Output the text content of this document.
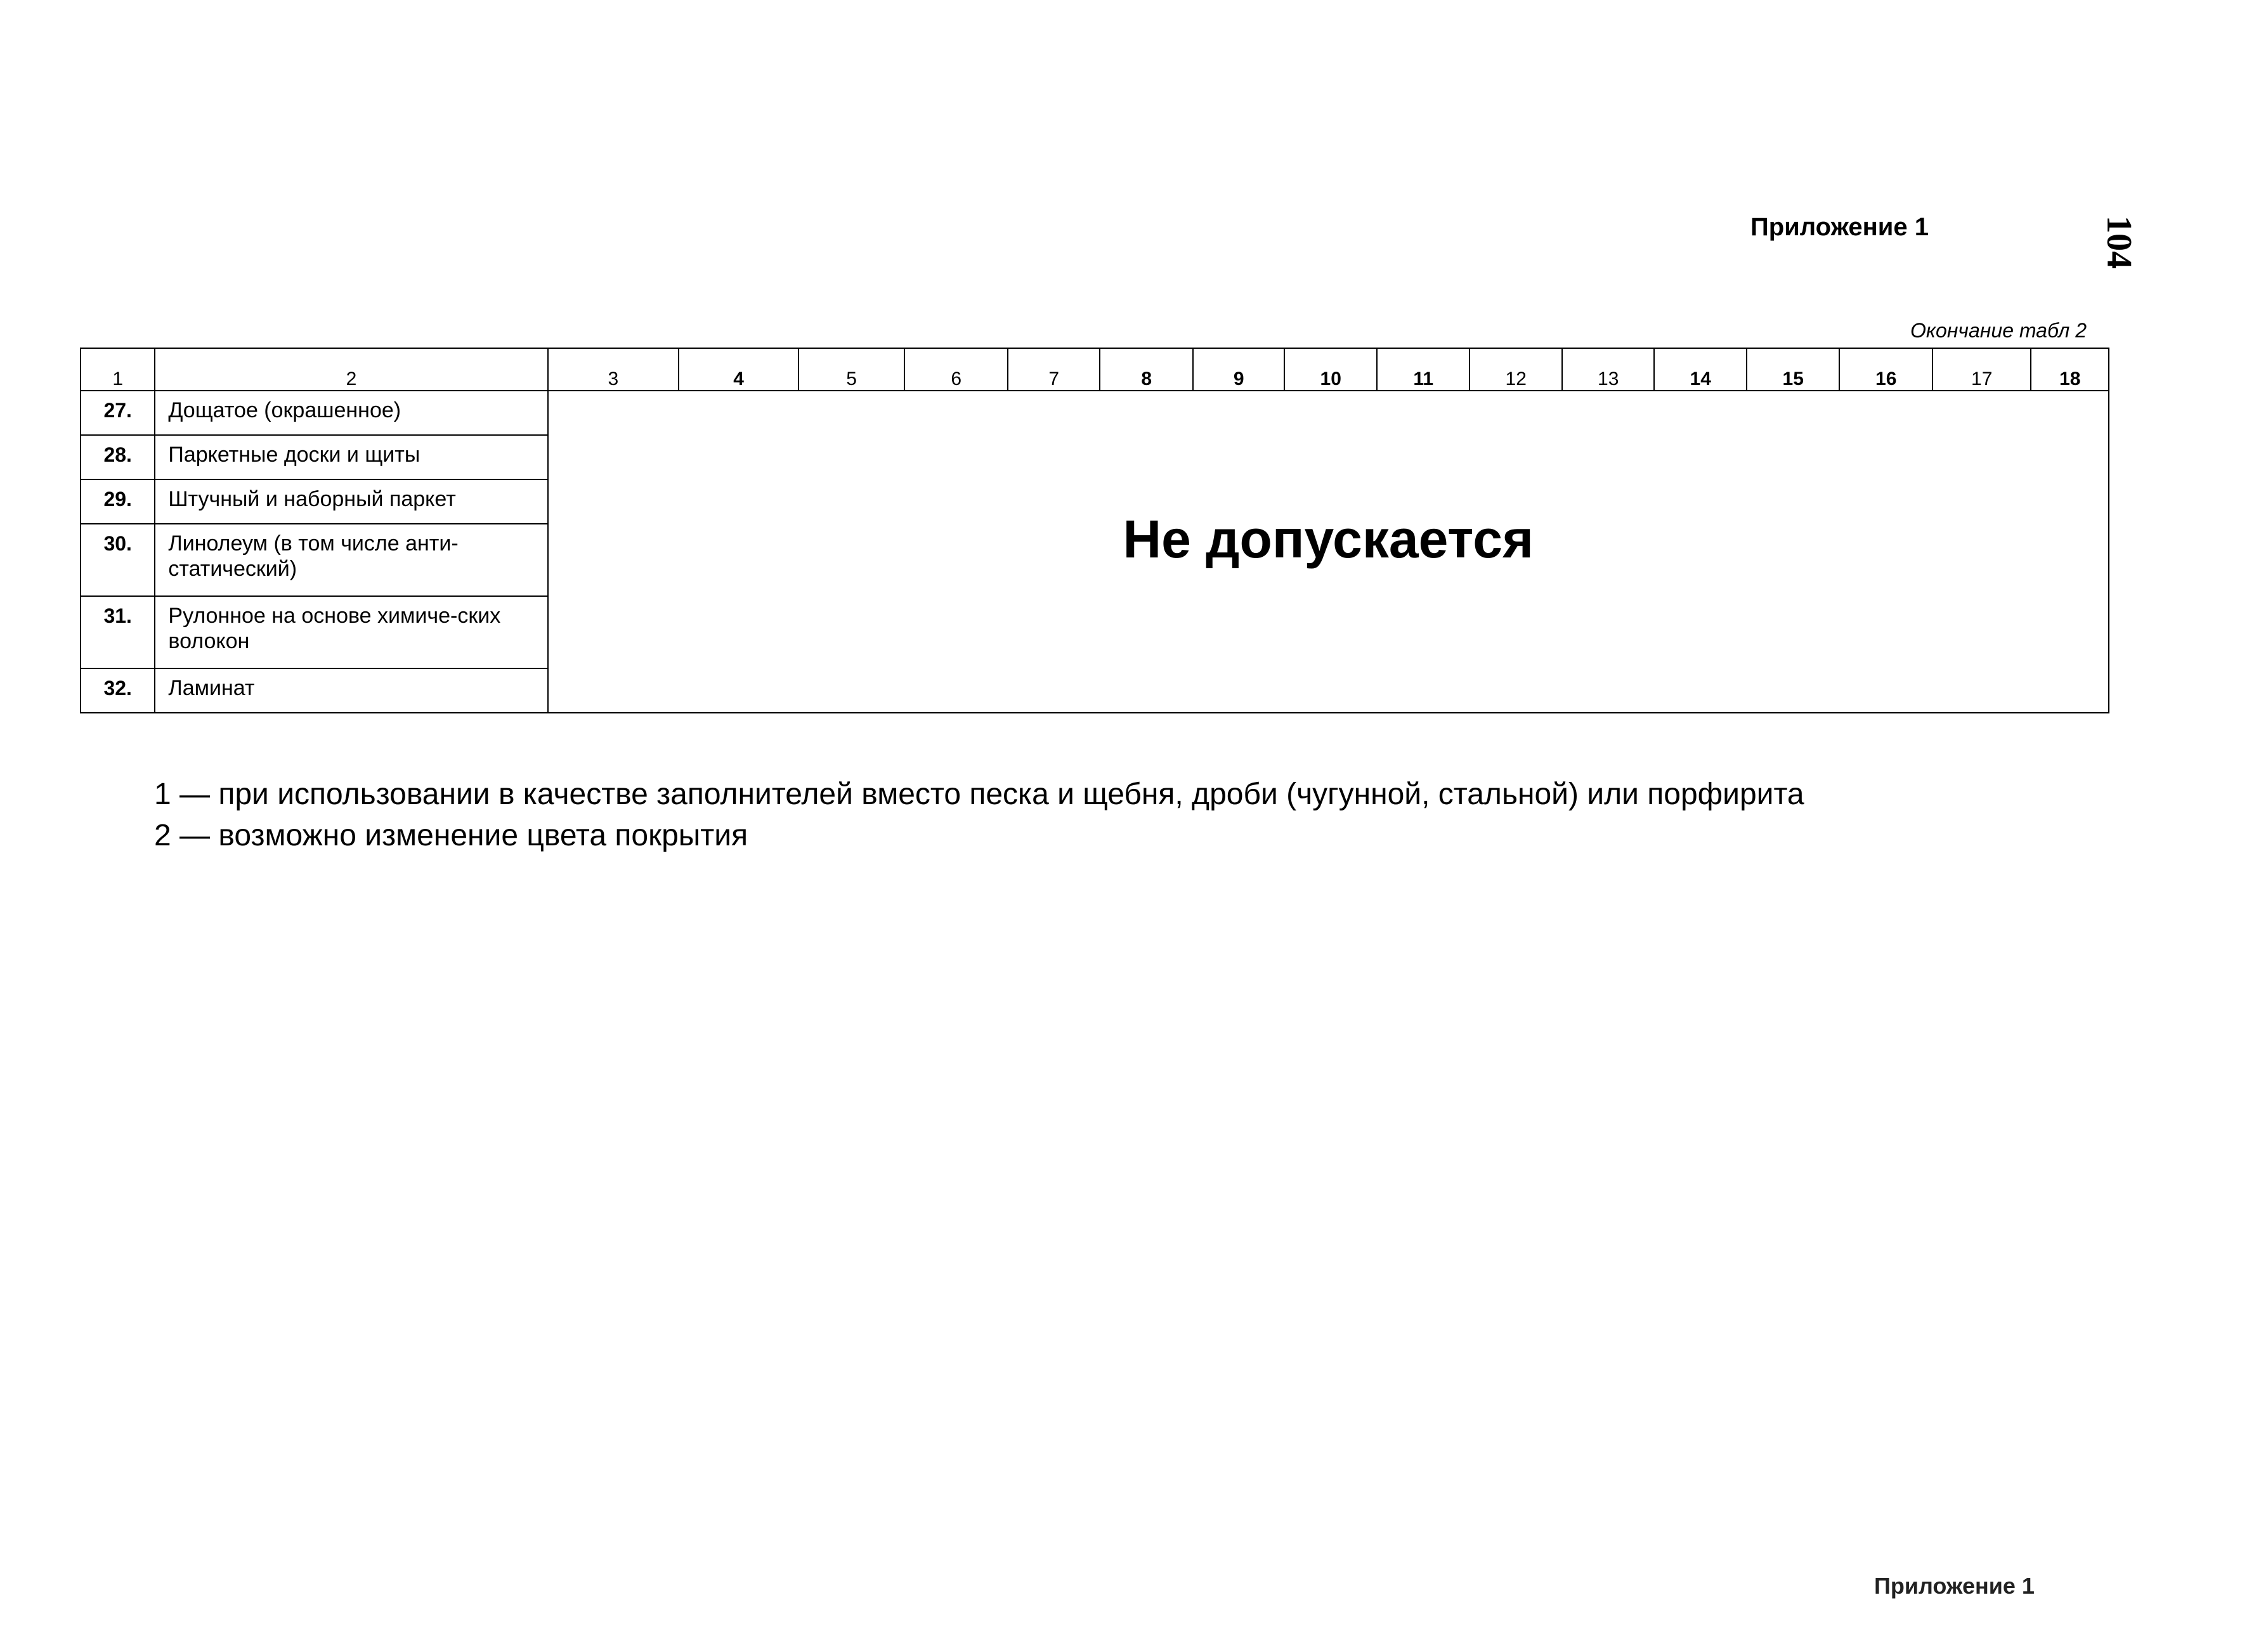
Приложение 1	104
Окончание табл 2
1	2	3	4	5	6	7	8	9	10	11	12	13	14	15	16	17	18
27.	Дощатое (окрашенное)	Не допускается															
28.	Паркетные доски и щиты																
29.	Штучный и наборный паркет																
30.	Линолеум (в том числе анти-статический)																
31.	Рулонное на основе химиче-ских волокон																
32.	Ламинат																
1 — при использовании в качестве заполнителей вместо песка и щебня, дроби (чугунной, стальной) или порфирита
2 — возможно изменение цвета покрытия
Приложение 1
